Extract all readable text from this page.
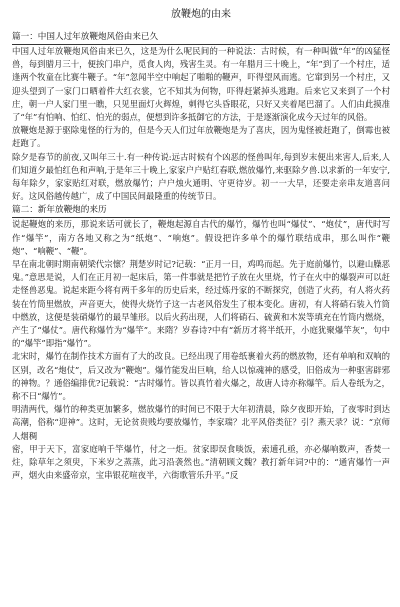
放鞭炮的由来
篇一：中国人过年放鞭炮风俗由来已久

中国人过年放鞭炮风俗由来已久，这是为什么呢民间的一种说法：古时候，有一种叫做“年”的凶猛怪兽，每到腊月三十，便挨门串户，觅食人肉，残害生灵。有一年腊月三十晚上，“年”到了一个村庄，适逢两个牧童在比赛牛鞭子。“年”忽闻半空中响起了啪啪的鞭声，吓得望风而逃。它窜到另一个村庄，又迎头望到了一家门口晒着件大红衣裳，它不知其为何物，吓得赶紧掉头逃跑。后来它又来到了一个村庄，朝一户人家门里一瞧，只见里面灯火辉煌，刺得它头昏眼花，只好又夹着尾巴溜了。人们由此摸准了“年”有怕响、怕红、怕光的弱点，便想到许多抵御它的方法，于是逐渐演化成今天过年的风俗。

放鞭炮是源于驱除鬼怪的行为的，但是今天人们过年放鞭炮是为了喜庆，因为鬼怪被赶跑了，倒霉也被赶跑了。

除夕是春节的前夜,又叫年三十.有一种传说:远古时候有个凶恶的怪兽叫年,每到岁末便出来害人,后来,人们知道夕最怕红色和声响,于是年三十晚上,家家户户贴红春联,燃放爆竹,来驱除夕兽.以求新的一年安宁,每年除夕，家家贴红对联，燃放爆竹；户户烛火通明、守更待岁。初一一大早，还要走亲串友道喜问好。这风俗越传越广，成了中国民间最隆重的传统节日。

篇二：新年放鞭炮的来历

说起鞭炮的来历，那说来话可就长了，鞭炮起源自古代的爆竹，爆竹也叫“爆仗”、“炮仗”，唐代时写作“爆竿”，南方各地又称之为“纸炮”、“响炮”。假设把许多单个的爆竹联结成串，那么叫作“鞭炮”、“响鞭”、“鞭”。

早在南北朝时期南朝梁代宗懔？荆楚岁时记?记载：“正月一日，鸡鸣而起。先于庭前爆竹，以避山臊恶鬼。”意思是说，人们在正月初一起床后，第一件事就是把竹子放在火里烧，竹子在火中的爆裂声可以赶走怪兽恶鬼。说起来距今将有两千多年的历史后来，经过炼丹家的不断探究，创造了火药，有人将火药装在竹筒里燃放，声音更大，使得火烧竹子这一古老风俗发生了根本变化。唐初，有人将硝石装入竹筒中燃放，这便是装硝爆竹的最早雏形。以后火药出现，人们将硝石、硫黄和木炭等填充在竹筒内燃烧，产生了“爆仗”。唐代称爆竹为“爆竿”。来隋？岁春诗?中有“新历才将半纸开，小庭犹聚爆竿灰”，句中的“爆竿”即指“爆竹”。

北宋时，爆竹在制作技术方面有了大的改良。已经出现了用卷纸裹着火药的燃放物，还有单响和双响的区别，改名“炮仗”，后又改为“鞭炮”。爆竹能发出巨响，给人以惊魂神的感受，旧俗成为一种驱害辟邪的神物。？通俗编排优?记载说：“古时爆竹。皆以真竹着火爆之，故唐人诗亦称爆竿。后人卷纸为之，称不曰“爆竹”。

明清两代，爆竹的种类更加繁多，燃放爆竹的时间已不限于大年初清晨，除夕夜即开始，了夜零时到达高潮，俗称“迎神”。这时，无论贫贵贱均要放爆竹，李家瑞？北平风俗类征？引？燕天录？说：“京师人烟稠

密，甲于天下，富家庭响千竿爆竹，付之一炬。贫家即误食啖饭，索逋孔亟，亦必爆响数声，香焚一炷，除草年之须臾，下米岁之蒸蒸，此习沿袭然也。”清朝顾文魏？教打新年词?中的：“通宵爆竹一声声，烟火由来盛帝京，宝串银花喧夜半，六街歌管乐升平。”反
